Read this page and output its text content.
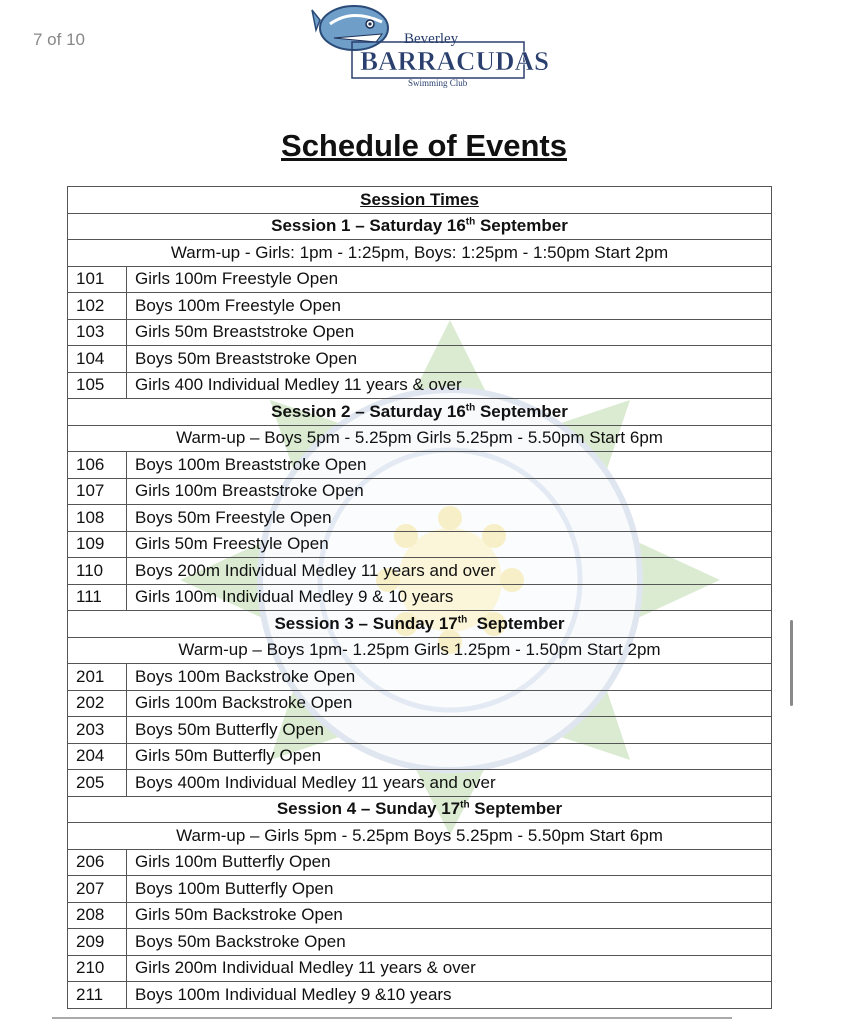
7 of 10	Beverley
BARRACUDAS
Swimming Club
Schedule of Events
Session Times	
Session 1 – Saturday 16th September	
Warm-up - Girls: 1pm - 1:25pm, Boys: 1:25pm - 1:50pm Start 2pm	
101	Girls 100m Freestyle Open
102	Boys 100m Freestyle Open
103	Girls 50m Breaststroke Open
104	Boys 50m Breaststroke Open
105	Girls 400 Individual Medley 11 years & over
Session 2 – Saturday 16th September	
Warm-up – Boys 5pm - 5.25pm Girls 5.25pm - 5.50pm Start 6pm	
106	Boys 100m Breaststroke Open
107	Girls 100m Breaststroke Open
108	Boys 50m Freestyle Open
109	Girls 50m Freestyle Open
110	Boys 200m Individual Medley 11 years and over
111	Girls 100m Individual Medley 9 & 10 years
Session 3 – Sunday 17th  September	
Warm-up – Boys 1pm- 1.25pm Girls 1.25pm - 1.50pm Start 2pm	
201	Boys 100m Backstroke Open
202	Girls 100m Backstroke Open
203	Boys 50m Butterfly Open
204	Girls 50m Butterfly Open
205	Boys 400m Individual Medley 11 years and over
Session 4 – Sunday 17th September	
Warm-up – Girls 5pm - 5.25pm Boys 5.25pm - 5.50pm Start 6pm	
206	Girls 100m Butterfly Open
207	Boys 100m Butterfly Open
208	Girls 50m Backstroke Open
209	Boys 50m Backstroke Open
210	Girls 200m Individual Medley 11 years & over
211	Boys 100m Individual Medley 9 &10 years
